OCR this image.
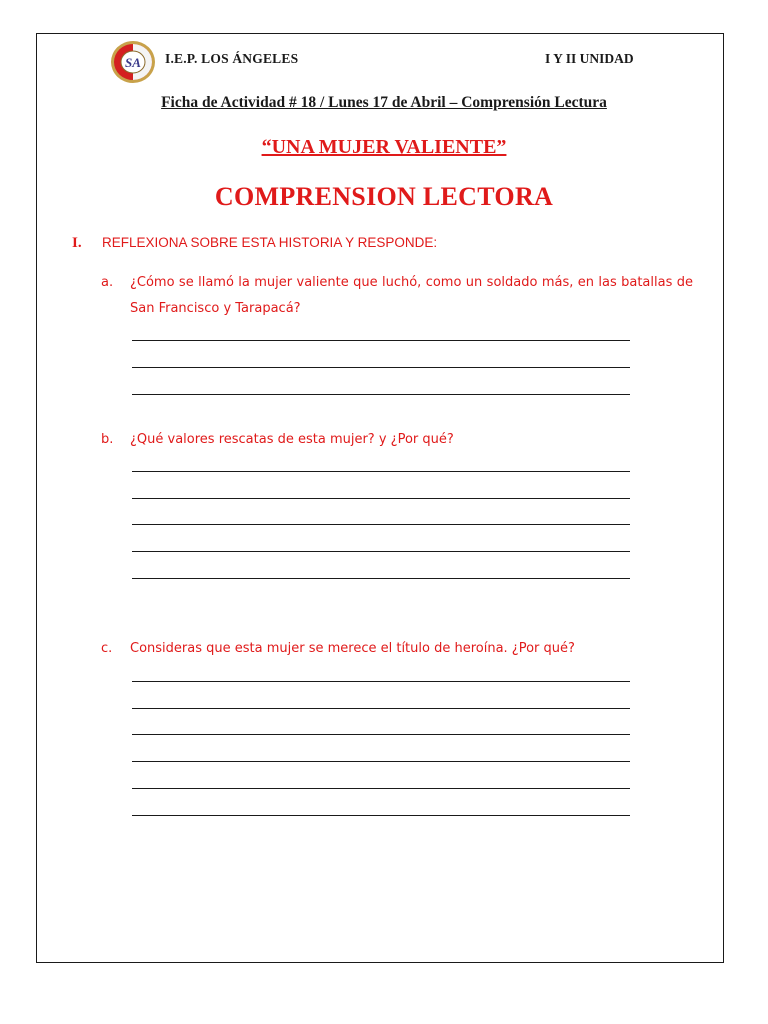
SA I.E.P. LOS ÁNGELES	I Y II UNIDAD
Ficha de Actividad # 18 / Lunes 17 de Abril – Comprensión Lectura
“UNA MUJER VALIENTE”
COMPRENSION LECTORA
I. REFLEXIONA SOBRE ESTA HISTORIA Y RESPONDE:
a. ¿Cómo se llamó la mujer valiente que luchó, como un soldado más, en las batallas de San Francisco y Tarapacá?
b. ¿Qué valores rescatas de esta mujer? y ¿Por qué?
c. Consideras que esta mujer se merece el título de heroína. ¿Por qué?
